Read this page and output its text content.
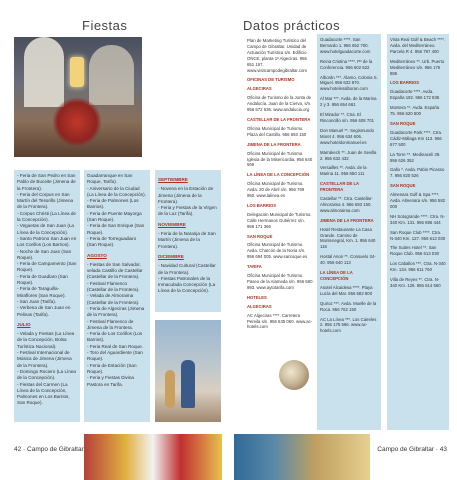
Fiestas
- Feria de San Pedro en San Pablo de Buceite (Jimena de la Frontera).
- Feria del Corpus en San Martín del Tesorillo (Jimena de la Frontera).
- Corpus Christi (La Línea de la Concepción).
- Veguetas de San Juan (La Línea de la Concepción).
- Santo Patrono San Juan en Los Corillos (Los Barrios).
- Noche de San Juan (San Roque).
- Feria de Campamento (San Roque).
- Feria de Guadiaro (San Roque).
- Feria de Taraguilla-Miraflores (San Roque).
- San Juan (Tarifa).
- Verbena de San Juan en Pelinas (Tarifa).
JULIO
- Velada y Fiestas (La Línea de la Concepción, Bolsa Turística Nacional).
- Festival Internacional de Música de Jimena (Jimena de la Frontera).
- Domingo Rociero (La Línea de la Concepción).
- Fiestas del Carmen (La Línea de la Concepción, Palmones en Los Barrios, San Roque).
Guadarranque en San Roque, Tarifa).
- Aniversario de la Ciudad (La Línea de la Concepción).
- Feria de Palmones (Los Barrios).
- Feria de Puente Mayorga (San Roque).
- Feria de San Enrique (San Roque).
- Feria de Torreguadiaro (San Roque).
AGOSTO
- Fiestas de San Salvador, velada Castillo de Castellar (Castellar de la Frontera).
- Festival Flamenco (Castellar de la Frontera).
- Velada de Almoraima (Castellar de la Frontera).
- Feria de Algeciras (Jimena de la Frontera).
- Festival Flamenco de Jimena de la Frontera.
- Feria de Los Corillos (Los Barrios).
- Feria Real de San Roque.
- Toro del Aguardiente (San Roque).
- Feria de Estación (San Roque).
- Feria y Fiestas Divina Pastora en Tarifa.
SEPTIEMBRE
- Novena en la Estación de Jimena (Jimena de la Frontera).
- Feria y Fiestas de la Virgen de la Luz (Tarifa).
NOVIEMBRE
- Feria de la Naranja de San Martín (Jimena de la Frontera).
DICIEMBRE
- Navidad Cultural (Castellar de la Frontera).
- Fiestas Patronales de la Inmaculada Concepción (La Línea de la Concepción).
42 · Campo de Gibraltar
Datos prácticos
Plan de Marketing Turístico del Campo de Gibraltar. Unidad de Actuación Turística s/n. Edificio ONCE, planta 1ª Algeciras. 956 651 167. www.visitcampodegibraltar.com
OFICINAS DE TURISMO
ALGECIRAS
Oficina de Turismo de la Junta de Andalucía. Juan de la Cierva, s/n. 956 572 636. www.andalucia.org
CASTELLAR DE LA FRONTERA
Oficina Municipal de Turismo. Plaza del Castillo. 956 693 150
JIMENA DE LA FRONTERA
Oficina Municipal de Turismo. Iglesia de la Misericordia. 956 640 569
LA LÍNEA DE LA CONCEPCIÓN
Oficina Municipal de Turismo. Avda. 20 de Abril s/n. 956 769 950. www.lalinea.es
LOS BARRIOS
Delegación Municipal de Turismo. Calle Hermanos Gutiérrez s/n. 956 171 366
SAN ROQUE
Oficina Municipal de Turismo. Avda. Charcón de la Noria s/n. 956 694 005. www.sanroque.es
TARIFA
Oficina Municipal de Turismo. Paseo de la Alameda s/n. 956 680 993. www.aytotarifa.com
HOTELES
ALGECIRAS
AC Algeciras ****. Carretera Pereila s/n. 956 635 060. www.ac-hotels.com
Guadacorte ****. San Bernardo 1. 956 652 700. www.hotelguadacorte.com
Reina Cristina ****. Pº de la Conferencia. 956 602 622
Alborán ***. Álamo, Colonia S. Miguel. 956 632 870. www.hotelesalboran.com
Al Mar ***. Avda. de la Marina 2 y 3. 956 654 661
El Mirador **. Ctra. El Rinconcillo s/n. 956 608 701
Don Manuel **. Segismundo Moret 4. 956 634 606. www.hoteldonmanuel.es
Marrakech **. Juan de Sevilla 2. 956 632 432
Versailles **. Avda. de la Marina 11. 956 650 111
CASTELLAR DE LA FRONTERA
Castellar **. Ctra. Castellar-Almoraima 4. 956 693 150. www.almoraima.com
JIMENA DE LA FRONTERA
Hotel Restaurante La Casa Grande. Camino de Montenegral, Km. 1. 956 640 116
Hostal Anon **. Consuelo 34-40. 956 640 113
LA LÍNEA DE LA CONCEPCIÓN
Asotel Alcaidesa ****. Playa Lucía del Mar. 956 582 800
Quiroz ***. Avda. Muelle de la Roca. 956 762 150
AC La Línea ***. Los Caireles 2. 956 175 566. www.ac-hotels.com
Vista Real Golf & Beach ****. Avda. del Mediterráneo. Parcela R 4. 956 797 400
Mediterráneo **. Urb. Puerto Mediterráneo s/n. 956 175 886
LOS BARRIOS
Guadacorte ****. Avda. España 182. 956 172 835
Montera **. Avda. España 75. 956 620 500
SAN ROQUE
Guadacorte Park ****. Ctra. Cádiz-Málaga Km 113. 956 677 500
La Torre **. Medinaceli 39. 956 626 352
Gallo *. Avda. Pablo Picasso 7. 956 820 526
SAN ROQUE
Almenara Golf & Spa ****. Avda. Almenara s/n. 956 582 000
NH Sotogrande ****. Ctra. N-340 Km. 131. 956 695 444
San Roque Club ****. Ctra. N-340 Km. 127. 956 613 030
The Suites Hotel **. San Roque Club. 956 613 030
Los Caballos ***. Ctra. N-340 Km. 134. 956 611 760
Villa de Reyes **. Ctra. N-340 Km. 128. 956 614 560
Campo de Gibraltar · 43
